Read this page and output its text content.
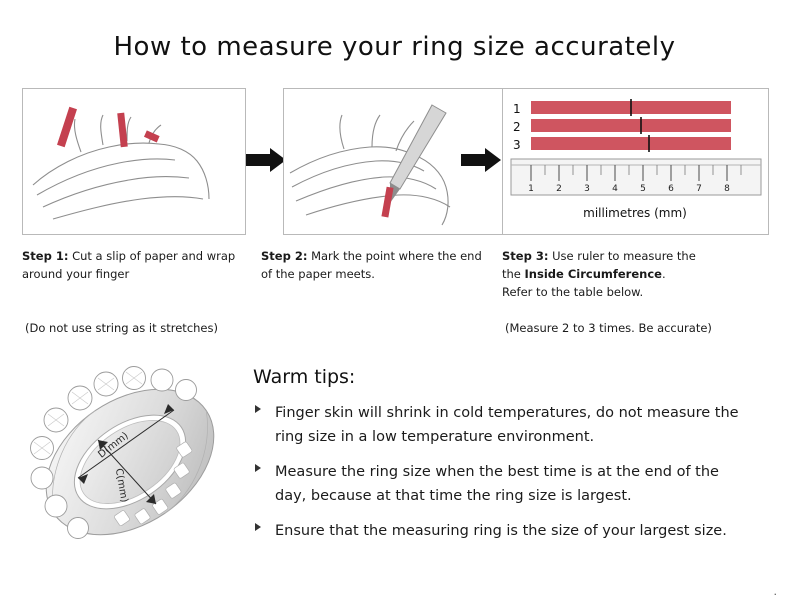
How to measure your ring size accurately
1
2
3
1 2 3 4 5 6 7 8
millimetres (mm)
Step 1: Cut a slip of paper and wrap around your finger
Step 2: Mark the point where the end of the paper meets.
Step 3: Use ruler to measure the
the Inside Circumference.
Refer to the table below.
(Do not use string as it stretches)	(Measure 2 to 3 times. Be accurate)
D(mm)
C(mm)
Warm tips:
Finger skin will shrink in cold temperatures, do not measure the ring size in a low temperature environment.
Measure the ring size when the best time is at the end of the day, because at that time the ring size is largest.
Ensure that the measuring ring is the size of your largest size.
.
